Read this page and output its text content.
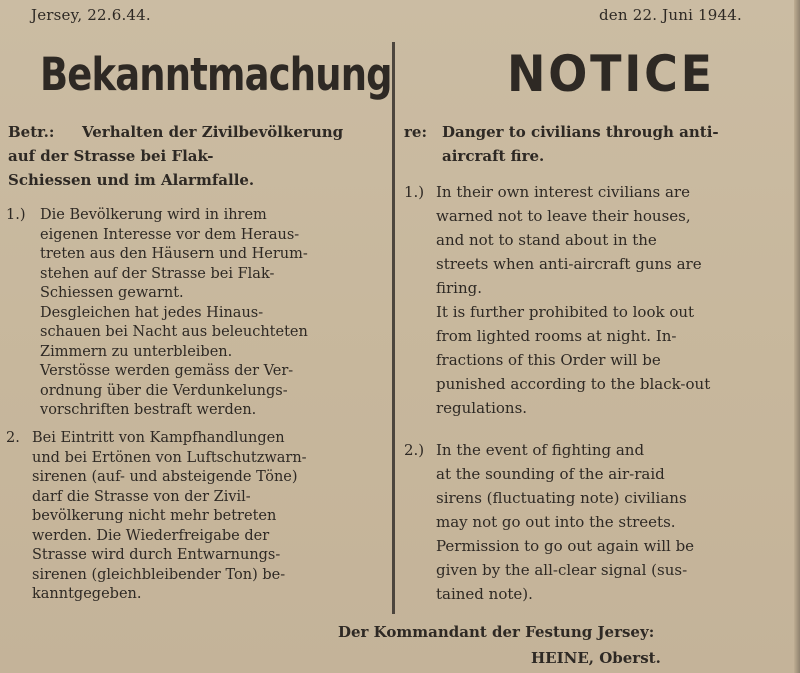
Jersey, 22.6.44.	den 22. Juni 1944.
Bekanntmachung NOTICE
Betr.: Verhalten der Zivilbevölkerung
auf der Strasse bei Flak-
Schiessen und im Alarmfalle.
1.) Die Bevölkerung wird in ihrem
eigenen Interesse vor dem Heraus-
treten aus den Häusern und Herum-
stehen auf der Strasse bei Flak-
Schiessen gewarnt.
Desgleichen hat jedes Hinaus-
schauen bei Nacht aus beleuchteten
Zimmern zu unterbleiben.
Verstösse werden gemäss der Ver-
ordnung über die Verdunkelungs-
vorschriften bestraft werden.
2. Bei Eintritt von Kampfhandlungen
und bei Ertönen von Luftschutzwarn-
sirenen (auf- und absteigende Töne)
darf die Strasse von der Zivil-
bevölkerung nicht mehr betreten
werden. Die Wiederfreigabe der
Strasse wird durch Entwarnungs-
sirenen (gleichbleibender Ton) be-
kanntgegeben.
re: Danger to civilians through anti-
aircraft fire.
1.) In their own interest civilians are
warned not to leave their houses,
and not to stand about in the
streets when anti-aircraft guns are
firing.
It is further prohibited to look out
from lighted rooms at night. In-
fractions of this Order will be
punished according to the black-out
regulations.
2.) In the event of fighting and
at the sounding of the air-raid
sirens (fluctuating note) civilians
may not go out into the streets.
Permission to go out again will be
given by the all-clear signal (sus-
tained note).
Der Kommandant der Festung Jersey:
HEINE, Oberst.
